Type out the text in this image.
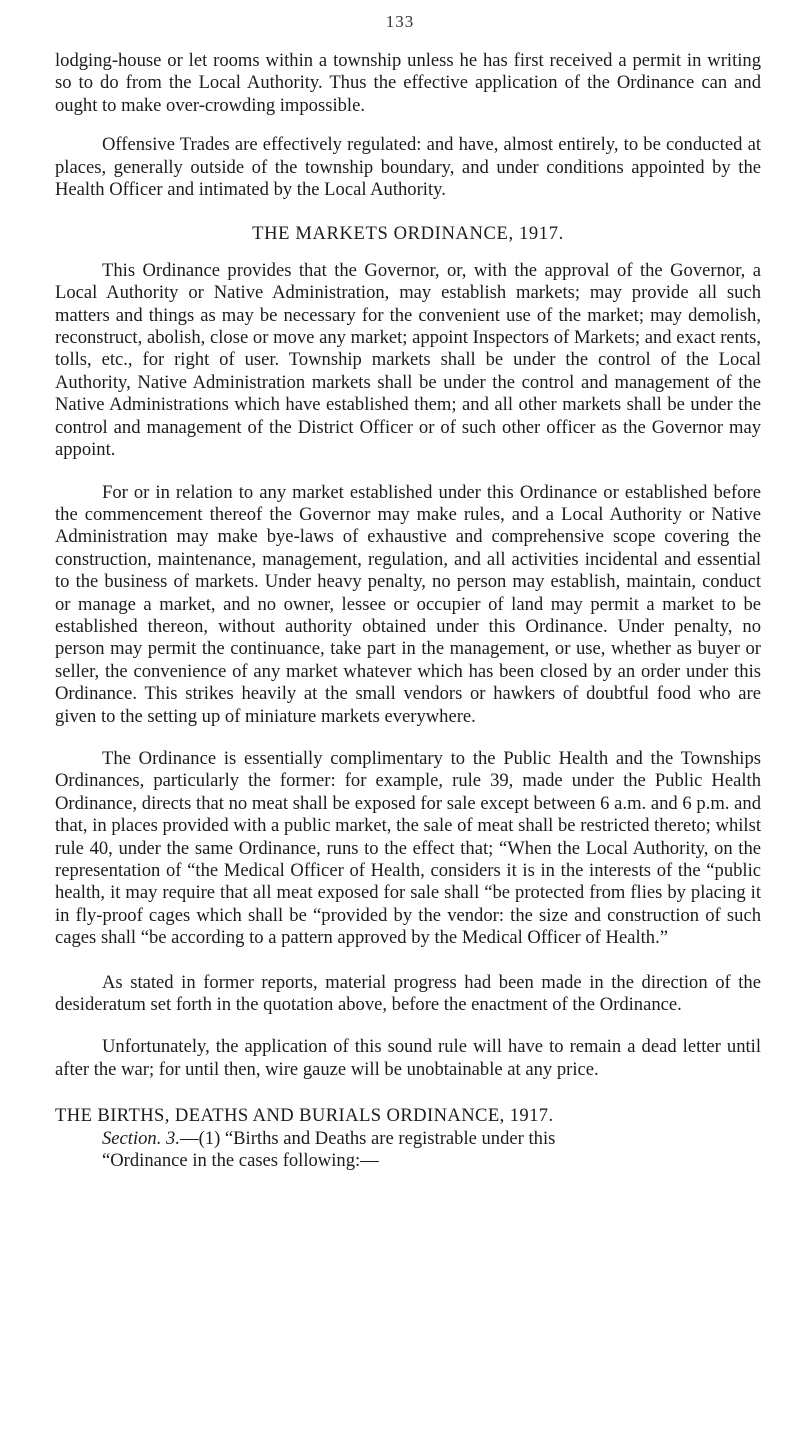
133

lodging-house or let rooms within a township unless he has first received a permit in writing so to do from the Local Authority. Thus the effective application of the Ordinance can and ought to make over-crowding impossible.

Offensive Trades are effectively regulated: and have, almost entirely, to be conducted at places, generally outside of the township boundary, and under conditions appointed by the Health Officer and intimated by the Local Authority.

THE MARKETS ORDINANCE, 1917.

This Ordinance provides that the Governor, or, with the approval of the Governor, a Local Authority or Native Administration, may establish markets; may provide all such matters and things as may be necessary for the convenient use of the market; may demolish, reconstruct, abolish, close or move any market; appoint Inspectors of Markets; and exact rents, tolls, etc., for right of user. Township markets shall be under the control of the Local Authority, Native Administration markets shall be under the control and management of the Native Administrations which have established them; and all other markets shall be under the control and management of the District Officer or of such other officer as the Governor may appoint.

For or in relation to any market established under this Ordinance or established before the commencement thereof the Governor may make rules, and a Local Authority or Native Administration may make bye-laws of exhaustive and comprehensive scope covering the construction, maintenance, management, regulation, and all activities incidental and essential to the business of markets. Under heavy penalty, no person may establish, maintain, conduct or manage a market, and no owner, lessee or occupier of land may permit a market to be established thereon, without authority obtained under this Ordinance. Under penalty, no person may permit the continuance, take part in the management, or use, whether as buyer or seller, the convenience of any market whatever which has been closed by an order under this Ordinance. This strikes heavily at the small vendors or hawkers of doubtful food who are given to the setting up of miniature markets everywhere.

The Ordinance is essentially complimentary to the Public Health and the Townships Ordinances, particularly the former: for example, rule 39, made under the Public Health Ordinance, directs that no meat shall be exposed for sale except between 6 a.m. and 6 p.m. and that, in places provided with a public market, the sale of meat shall be restricted thereto; whilst rule 40, under the same Ordinance, runs to the effect that; “When the Local Authority, on the representation of “the Medical Officer of Health, considers it is in the interests of the “public health, it may require that all meat exposed for sale shall “be protected from flies by placing it in fly-proof cages which shall be “provided by the vendor: the size and construction of such cages shall “be according to a pattern approved by the Medical Officer of Health.”

As stated in former reports, material progress had been made in the direction of the desideratum set forth in the quotation above, before the enactment of the Ordinance.

Unfortunately, the application of this sound rule will have to remain a dead letter until after the war; for until then, wire gauze will be unobtainable at any price.

THE BIRTHS, DEATHS AND BURIALS ORDINANCE, 1917.

Section. 3.—(1) “Births and Deaths are registrable under this

“Ordinance in the cases following:—
